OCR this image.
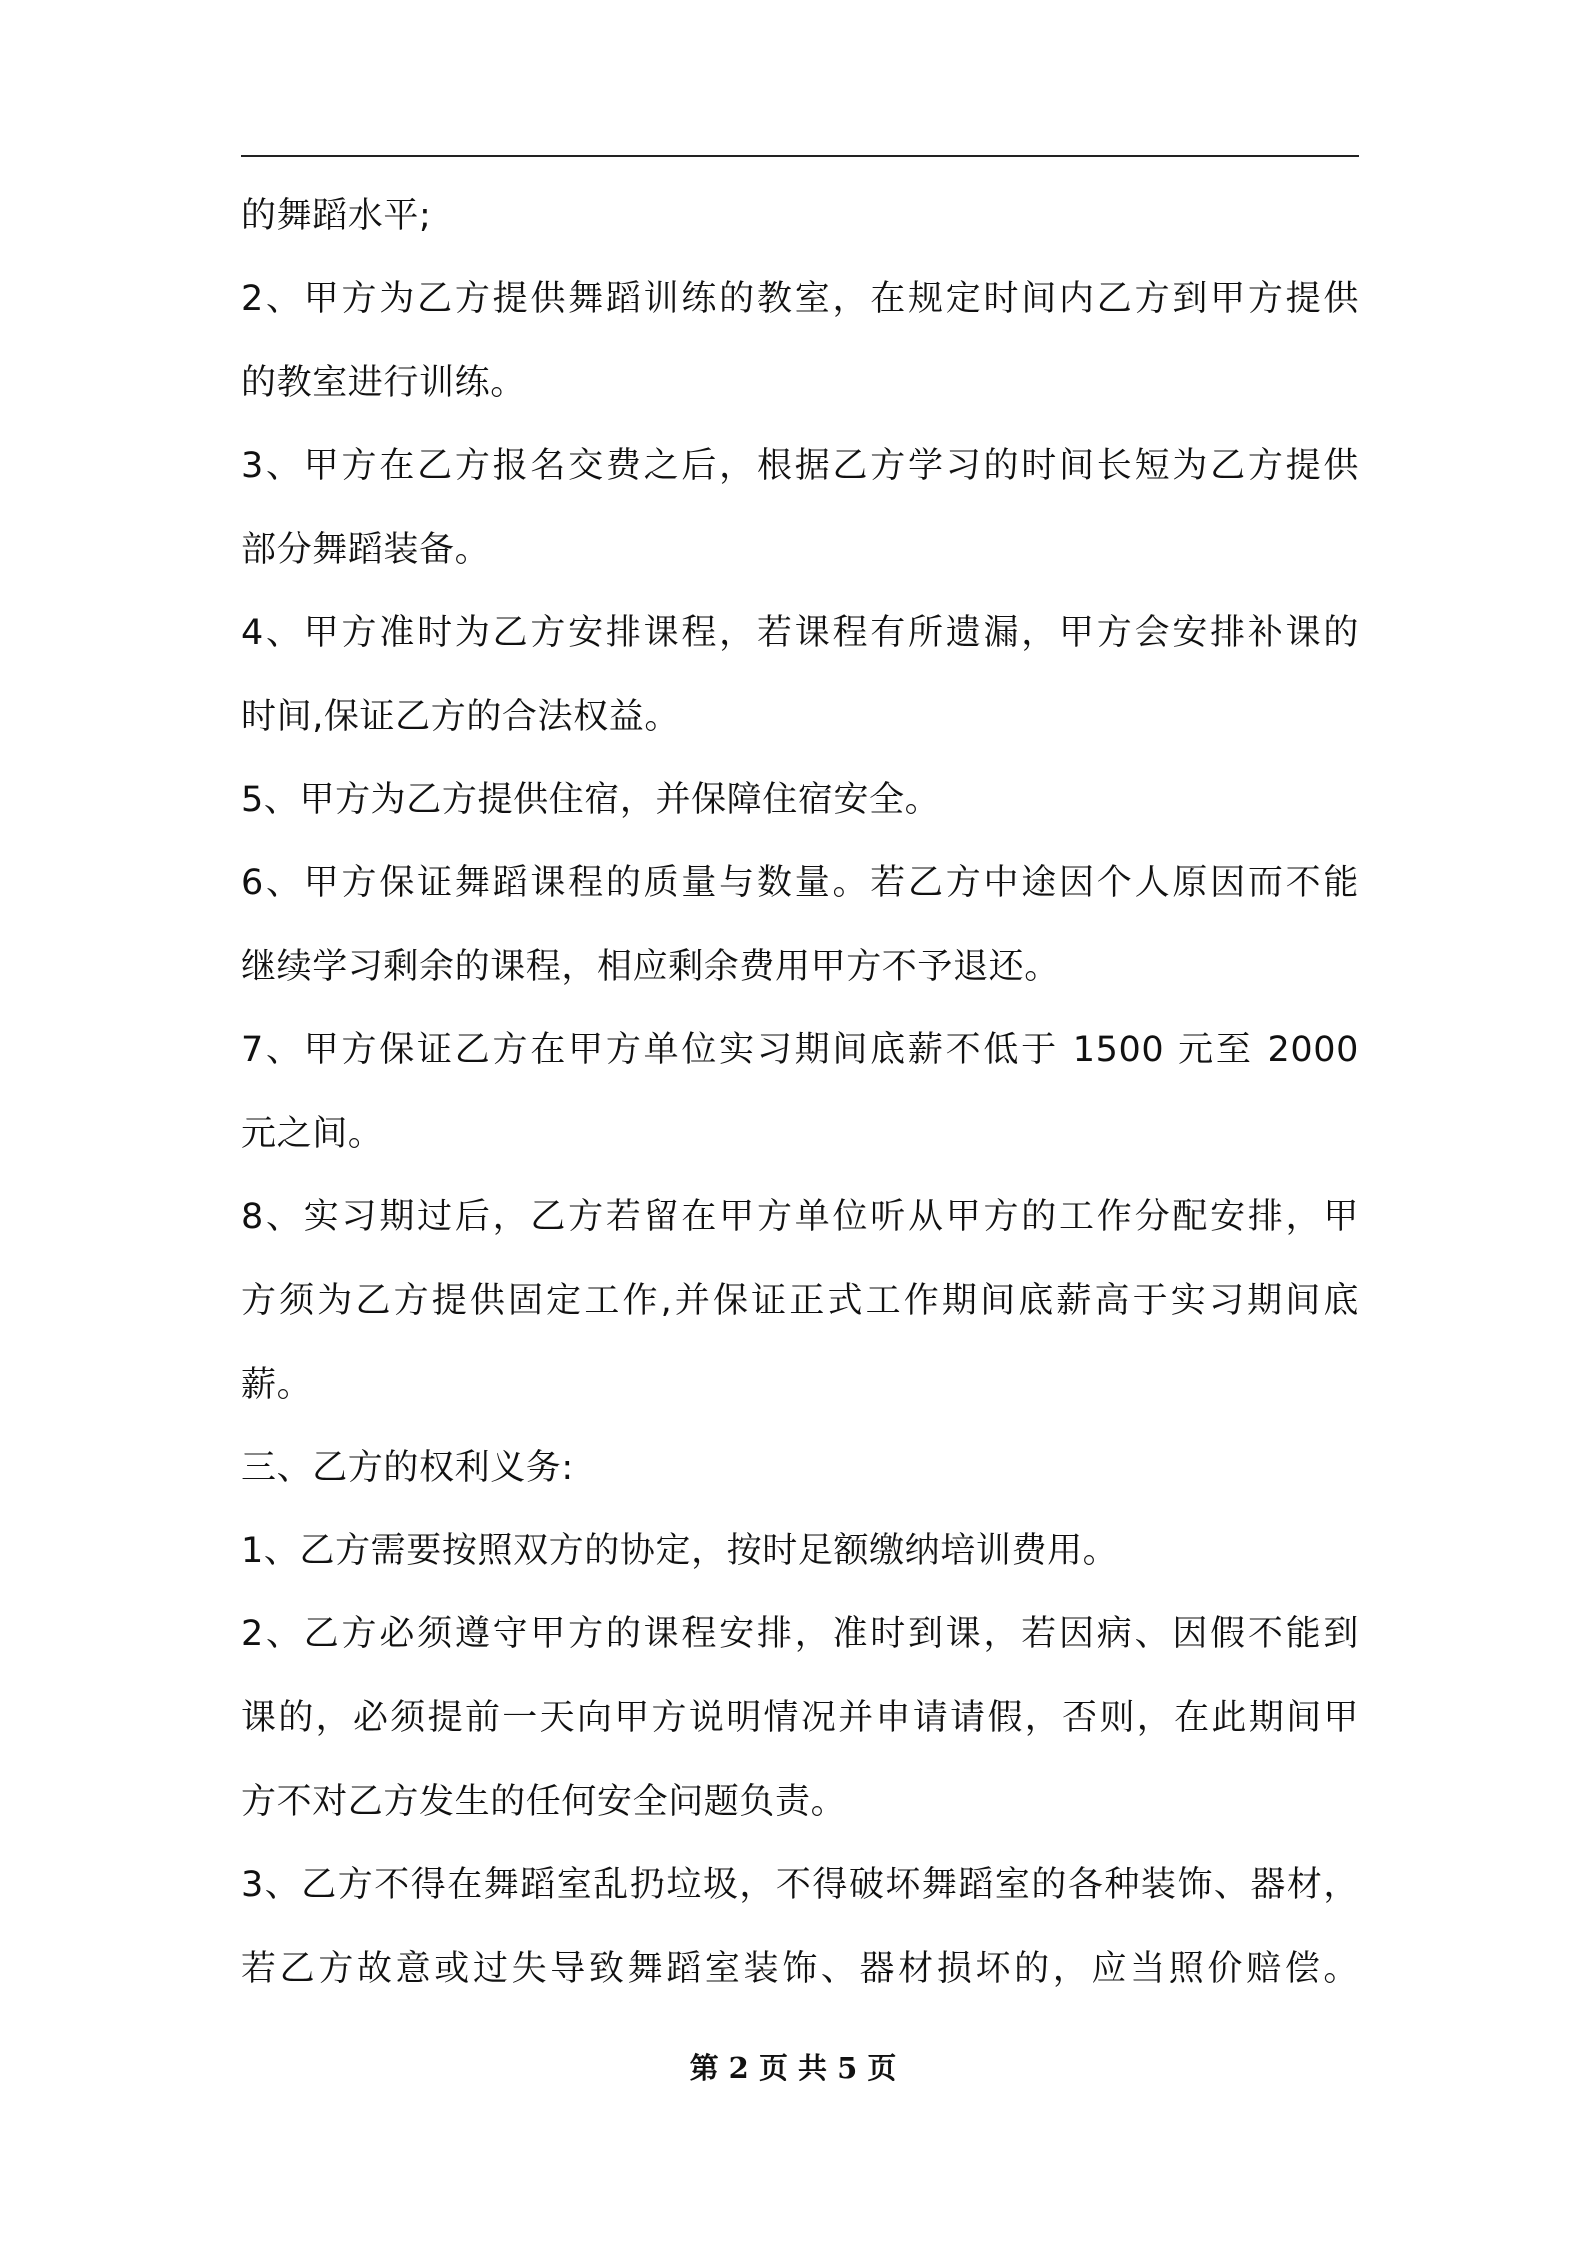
的舞蹈水平;
2、甲方为乙方提供舞蹈训练的教室，在规定时间内乙方到甲方提供
的教室进行训练。
3、甲方在乙方报名交费之后，根据乙方学习的时间长短为乙方提供
部分舞蹈装备。
4、甲方准时为乙方安排课程，若课程有所遗漏，甲方会安排补课的
时间,保证乙方的合法权益。
5、甲方为乙方提供住宿，并保障住宿安全。
6、甲方保证舞蹈课程的质量与数量。若乙方中途因个人原因而不能
继续学习剩余的课程，相应剩余费用甲方不予退还。
7、甲方保证乙方在甲方单位实习期间底薪不低于 1500 元至 2000
元之间。
8、实习期过后，乙方若留在甲方单位听从甲方的工作分配安排，甲
方须为乙方提供固定工作,并保证正式工作期间底薪高于实习期间底
薪。
三、乙方的权利义务:
1、乙方需要按照双方的协定，按时足额缴纳培训费用。
2、乙方必须遵守甲方的课程安排，准时到课，若因病、因假不能到
课的，必须提前一天向甲方说明情况并申请请假，否则，在此期间甲
方不对乙方发生的任何安全问题负责。
3、乙方不得在舞蹈室乱扔垃圾，不得破坏舞蹈室的各种装饰、器材，
若乙方故意或过失导致舞蹈室装饰、器材损坏的，应当照价赔偿。
第 2 页 共 5 页
